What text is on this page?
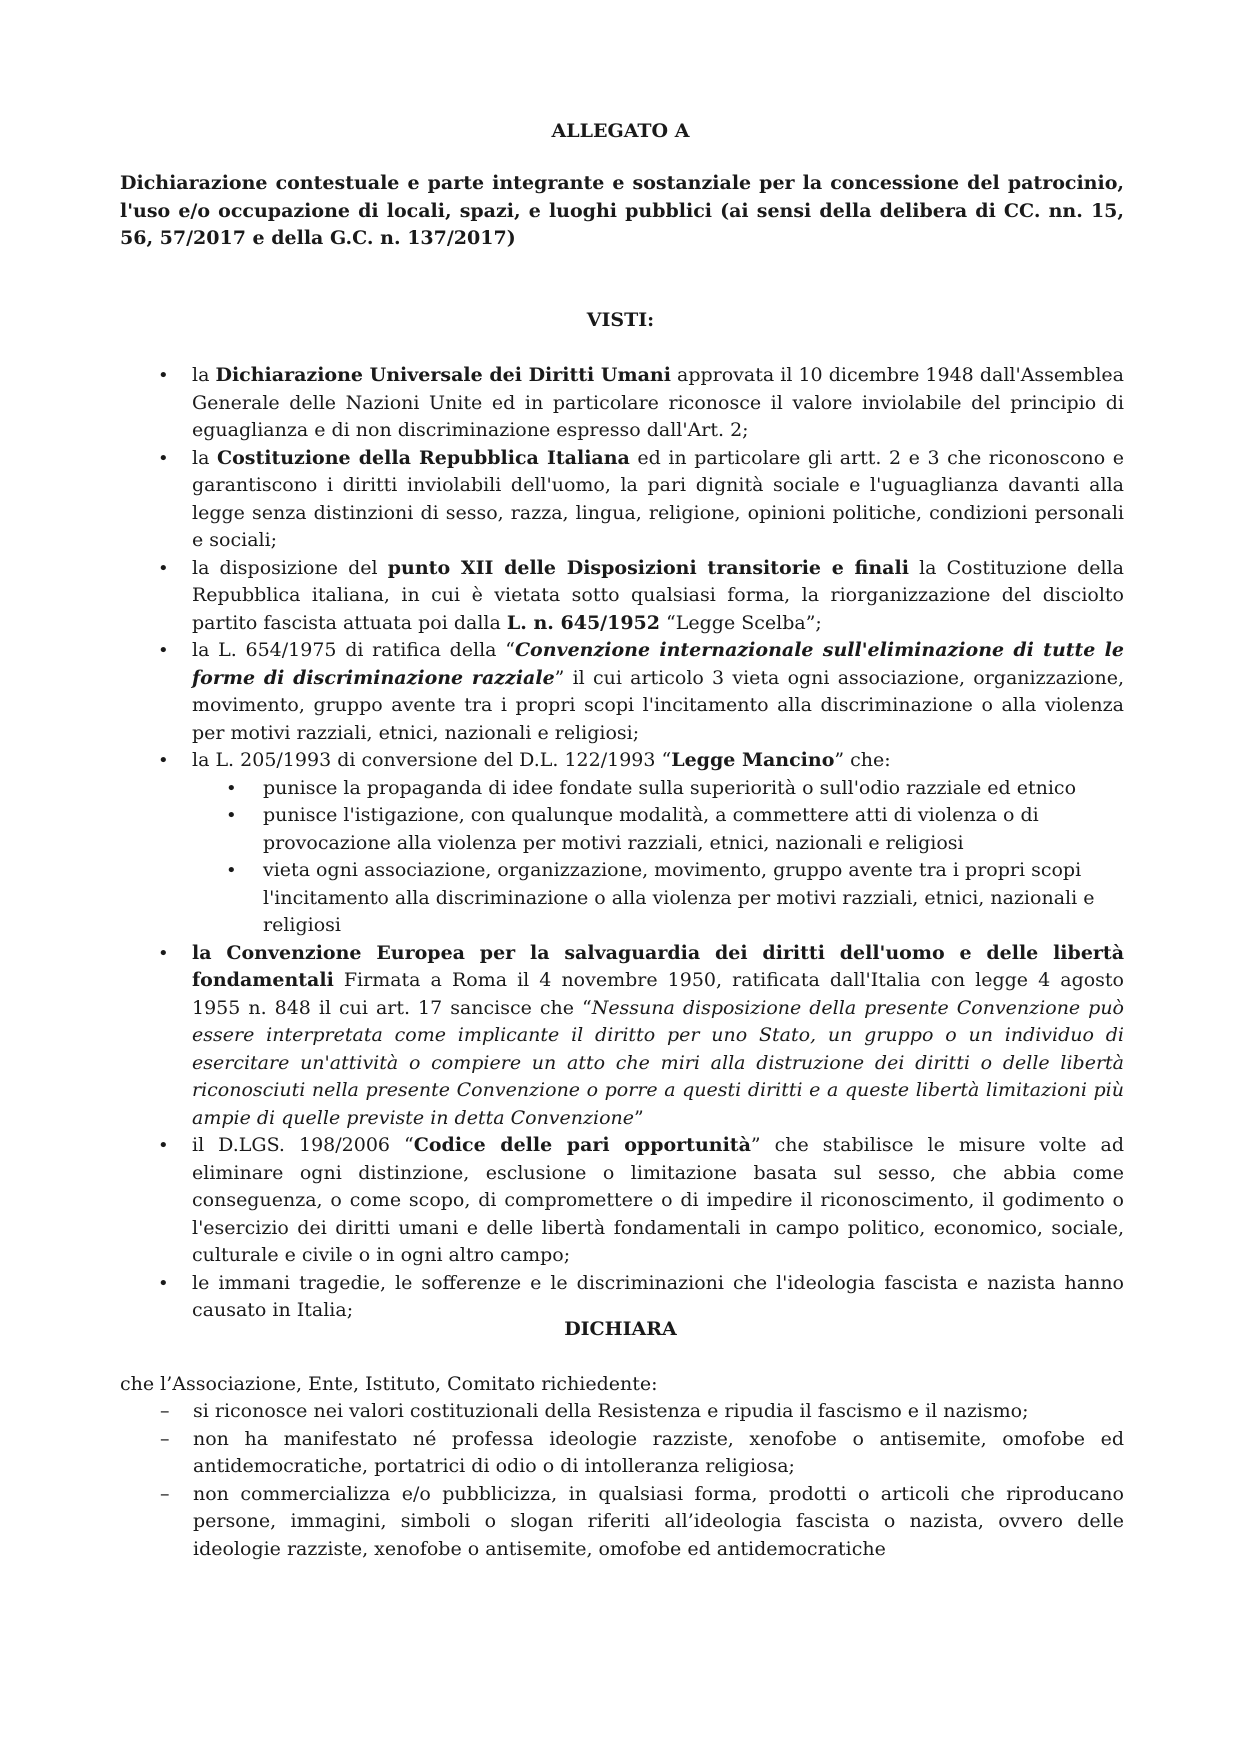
ALLEGATO A

Dichiarazione contestuale e parte integrante e sostanziale per la concessione del patrocinio, l'uso e/o occupazione di locali, spazi, e luoghi pubblici (ai sensi della delibera di CC. nn. 15, 56, 57/2017 e della G.C. n. 137/2017)

VISTI:

• la Dichiarazione Universale dei Diritti Umani approvata il 10 dicembre 1948 dall'Assemblea Generale delle Nazioni Unite ed in particolare riconosce il valore inviolabile del principio di eguaglianza e di non discriminazione espresso dall'Art. 2;
• la Costituzione della Repubblica Italiana ed in particolare gli artt. 2 e 3 che riconoscono e garantiscono i diritti inviolabili dell'uomo, la pari dignità sociale e l'uguaglianza davanti alla legge senza distinzioni di sesso, razza, lingua, religione, opinioni politiche, condizioni personali e sociali;
• la disposizione del punto XII delle Disposizioni transitorie e finali la Costituzione della Repubblica italiana, in cui è vietata sotto qualsiasi forma, la riorganizzazione del disciolto partito fascista attuata poi dalla L. n. 645/1952 “Legge Scelba”;
• la L. 654/1975 di ratifica della “Convenzione internazionale sull'eliminazione di tutte le forme di discriminazione razziale” il cui articolo 3 vieta ogni associazione, organizzazione, movimento, gruppo avente tra i propri scopi l'incitamento alla discriminazione o alla violenza per motivi razziali, etnici, nazionali e religiosi;
• la L. 205/1993 di conversione del D.L. 122/1993 “Legge Mancino” che:
• punisce la propaganda di idee fondate sulla superiorità o sull'odio razziale ed etnico
• punisce l'istigazione, con qualunque modalità, a commettere atti di violenza o di provocazione alla violenza per motivi razziali, etnici, nazionali e religiosi
• vieta ogni associazione, organizzazione, movimento, gruppo avente tra i propri scopi l'incitamento alla discriminazione o alla violenza per motivi razziali, etnici, nazionali e religiosi
• la Convenzione Europea per la salvaguardia dei diritti dell'uomo e delle libertà fondamentali Firmata a Roma il 4 novembre 1950, ratificata dall'Italia con legge 4 agosto 1955 n. 848 il cui art. 17 sancisce che “Nessuna disposizione della presente Convenzione può essere interpretata come implicante il diritto per uno Stato, un gruppo o un individuo di esercitare un'attività o compiere un atto che miri alla distruzione dei diritti o delle libertà riconosciuti nella presente Convenzione o porre a questi diritti e a queste libertà limitazioni più ampie di quelle previste in detta Convenzione”
• il D.LGS. 198/2006 “Codice delle pari opportunità” che stabilisce le misure volte ad eliminare ogni distinzione, esclusione o limitazione basata sul sesso, che abbia come conseguenza, o come scopo, di compromettere o di impedire il riconoscimento, il godimento o l'esercizio dei diritti umani e delle libertà fondamentali in campo politico, economico, sociale, culturale e civile o in ogni altro campo;
• le immani tragedie, le sofferenze e le discriminazioni che l'ideologia fascista e nazista hanno causato in Italia;

DICHIARA

che l’Associazione, Ente, Istituto, Comitato richiedente:

– si riconosce nei valori costituzionali della Resistenza e ripudia il fascismo e il nazismo;
– non ha manifestato né professa ideologie razziste, xenofobe o antisemite, omofobe ed antidemocratiche, portatrici di odio o di intolleranza religiosa;
– non commercializza e/o pubblicizza, in qualsiasi forma, prodotti o articoli che riproducano persone, immagini, simboli o slogan riferiti all’ideologia fascista o nazista, ovvero delle ideologie razziste, xenofobe o antisemite, omofobe ed antidemocratiche
